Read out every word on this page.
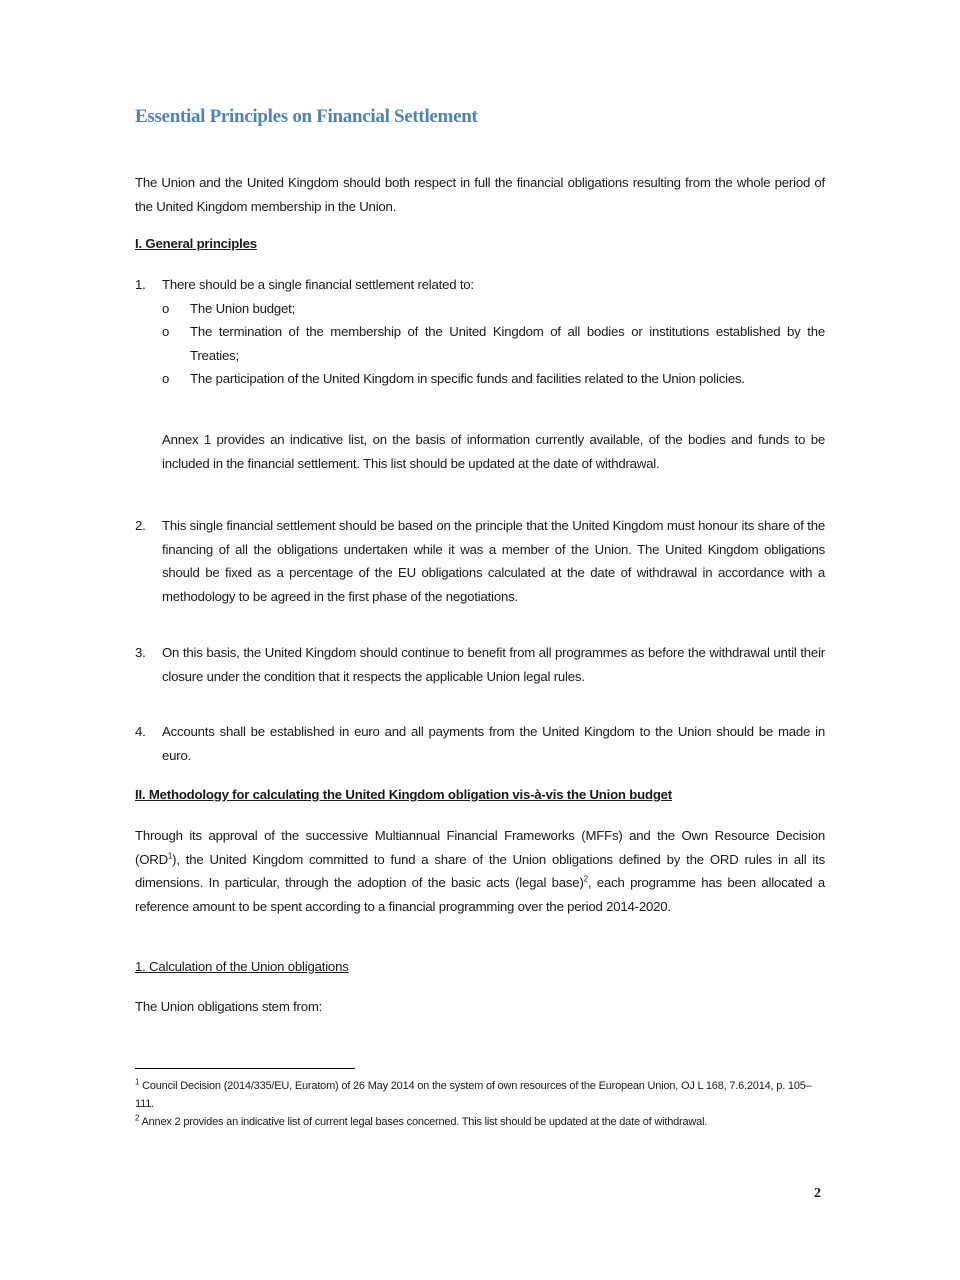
Essential Principles on Financial Settlement
The Union and the United Kingdom should both respect in full the financial obligations resulting from the whole period of the United Kingdom membership in the Union.
I. General principles
1. There should be a single financial settlement related to:
o The Union budget;
o The termination of the membership of the United Kingdom of all bodies or institutions established by the Treaties;
o The participation of the United Kingdom in specific funds and facilities related to the Union policies.
Annex 1 provides an indicative list, on the basis of information currently available, of the bodies and funds to be included in the financial settlement. This list should be updated at the date of withdrawal.
2. This single financial settlement should be based on the principle that the United Kingdom must honour its share of the financing of all the obligations undertaken while it was a member of the Union. The United Kingdom obligations should be fixed as a percentage of the EU obligations calculated at the date of withdrawal in accordance with a methodology to be agreed in the first phase of the negotiations.
3. On this basis, the United Kingdom should continue to benefit from all programmes as before the withdrawal until their closure under the condition that it respects the applicable Union legal rules.
4. Accounts shall be established in euro and all payments from the United Kingdom to the Union should be made in euro.
II. Methodology for calculating the United Kingdom obligation vis-à-vis the Union budget
Through its approval of the successive Multiannual Financial Frameworks (MFFs) and the Own Resource Decision (ORD$^1$), the United Kingdom committed to fund a share of the Union obligations defined by the ORD rules in all its dimensions. In particular, through the adoption of the basic acts (legal base)$^2$, each programme has been allocated a reference amount to be spent according to a financial programming over the period 2014-2020.
1. Calculation of the Union obligations
The Union obligations stem from:
$^1$ Council Decision (2014/335/EU, Euratom) of 26 May 2014 on the system of own resources of the European Union, OJ L 168, 7.6.2014, p. 105–111.
$^2$ Annex 2 provides an indicative list of current legal bases concerned. This list should be updated at the date of withdrawal.
2
